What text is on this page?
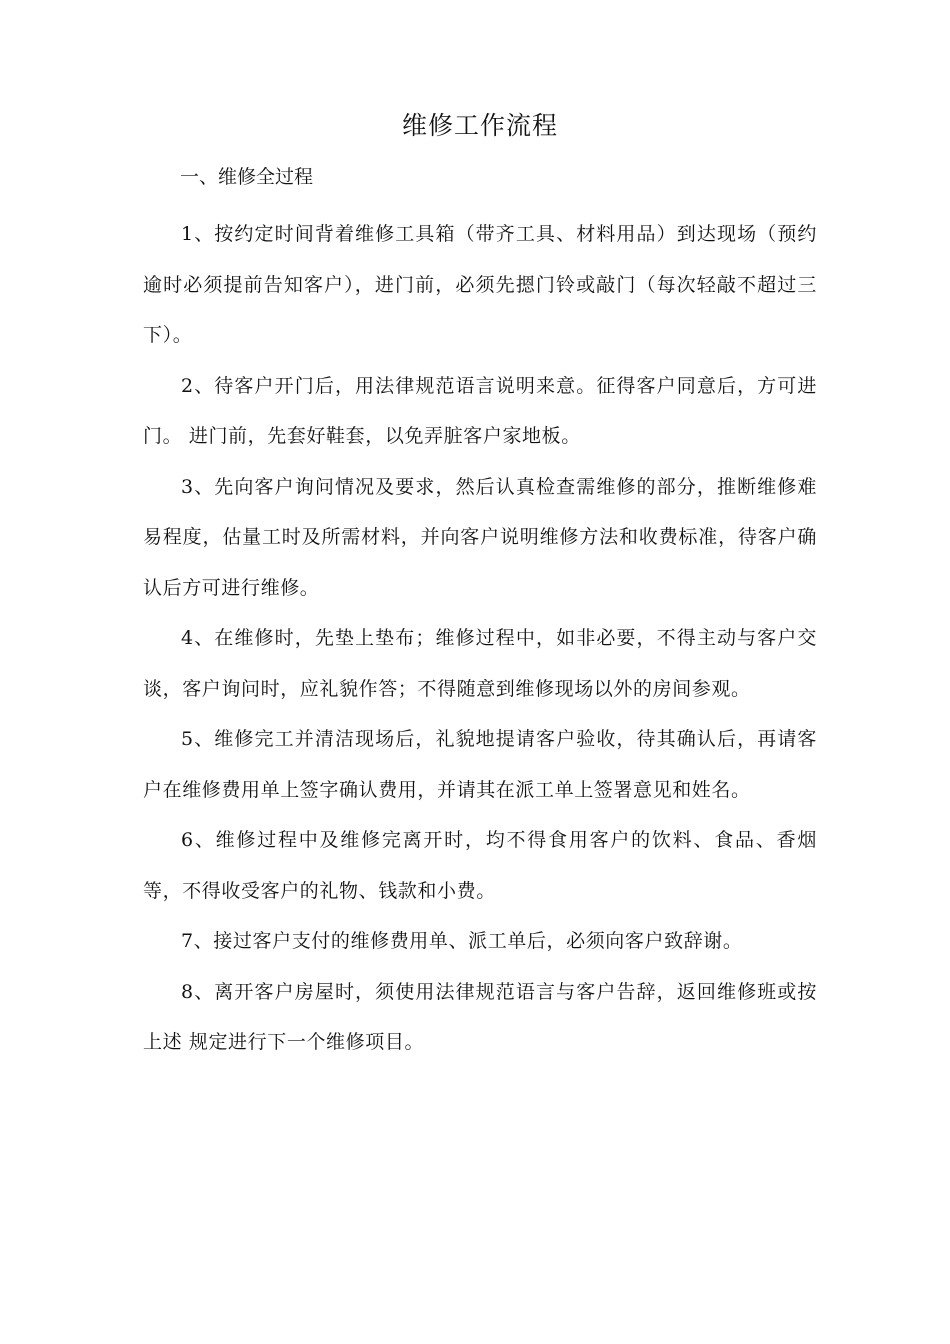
维修工作流程

一、维修全过程

1、按约定时间背着维修工具箱（带齐工具、材料用品）到达现场（预约 逾时必须提前告知客户），进门前，必须先摁门铃或敲门（每次轻敲不超过三下）。

2、待客户开门后，用法律规范语言说明来意。征得客户同意后，方可进门。 进门前，先套好鞋套，以免弄脏客户家地板。

3、先向客户询问情况及要求，然后认真检查需维修的部分，推断维修难 易程度，估量工时及所需材料，并向客户说明维修方法和收费标准，待客户确 认后方可进行维修。

4、在维修时，先垫上垫布；维修过程中，如非必要，不得主动与客户交谈，客户询问时，应礼貌作答；不得随意到维修现场以外的房间参观。

5、维修完工并清洁现场后，礼貌地提请客户验收，待其确认后，再请客 户在维修费用单上签字确认费用，并请其在派工单上签署意见和姓名。

6、维修过程中及维修完离开时，均不得食用客户的饮料、食品、香烟等，不得收受客户的礼物、钱款和小费。

7、接过客户支付的维修费用单、派工单后，必须向客户致辞谢。

8、离开客户房屋时，须使用法律规范语言与客户告辞，返回维修班或按上述 规定进行下一个维修项目。
